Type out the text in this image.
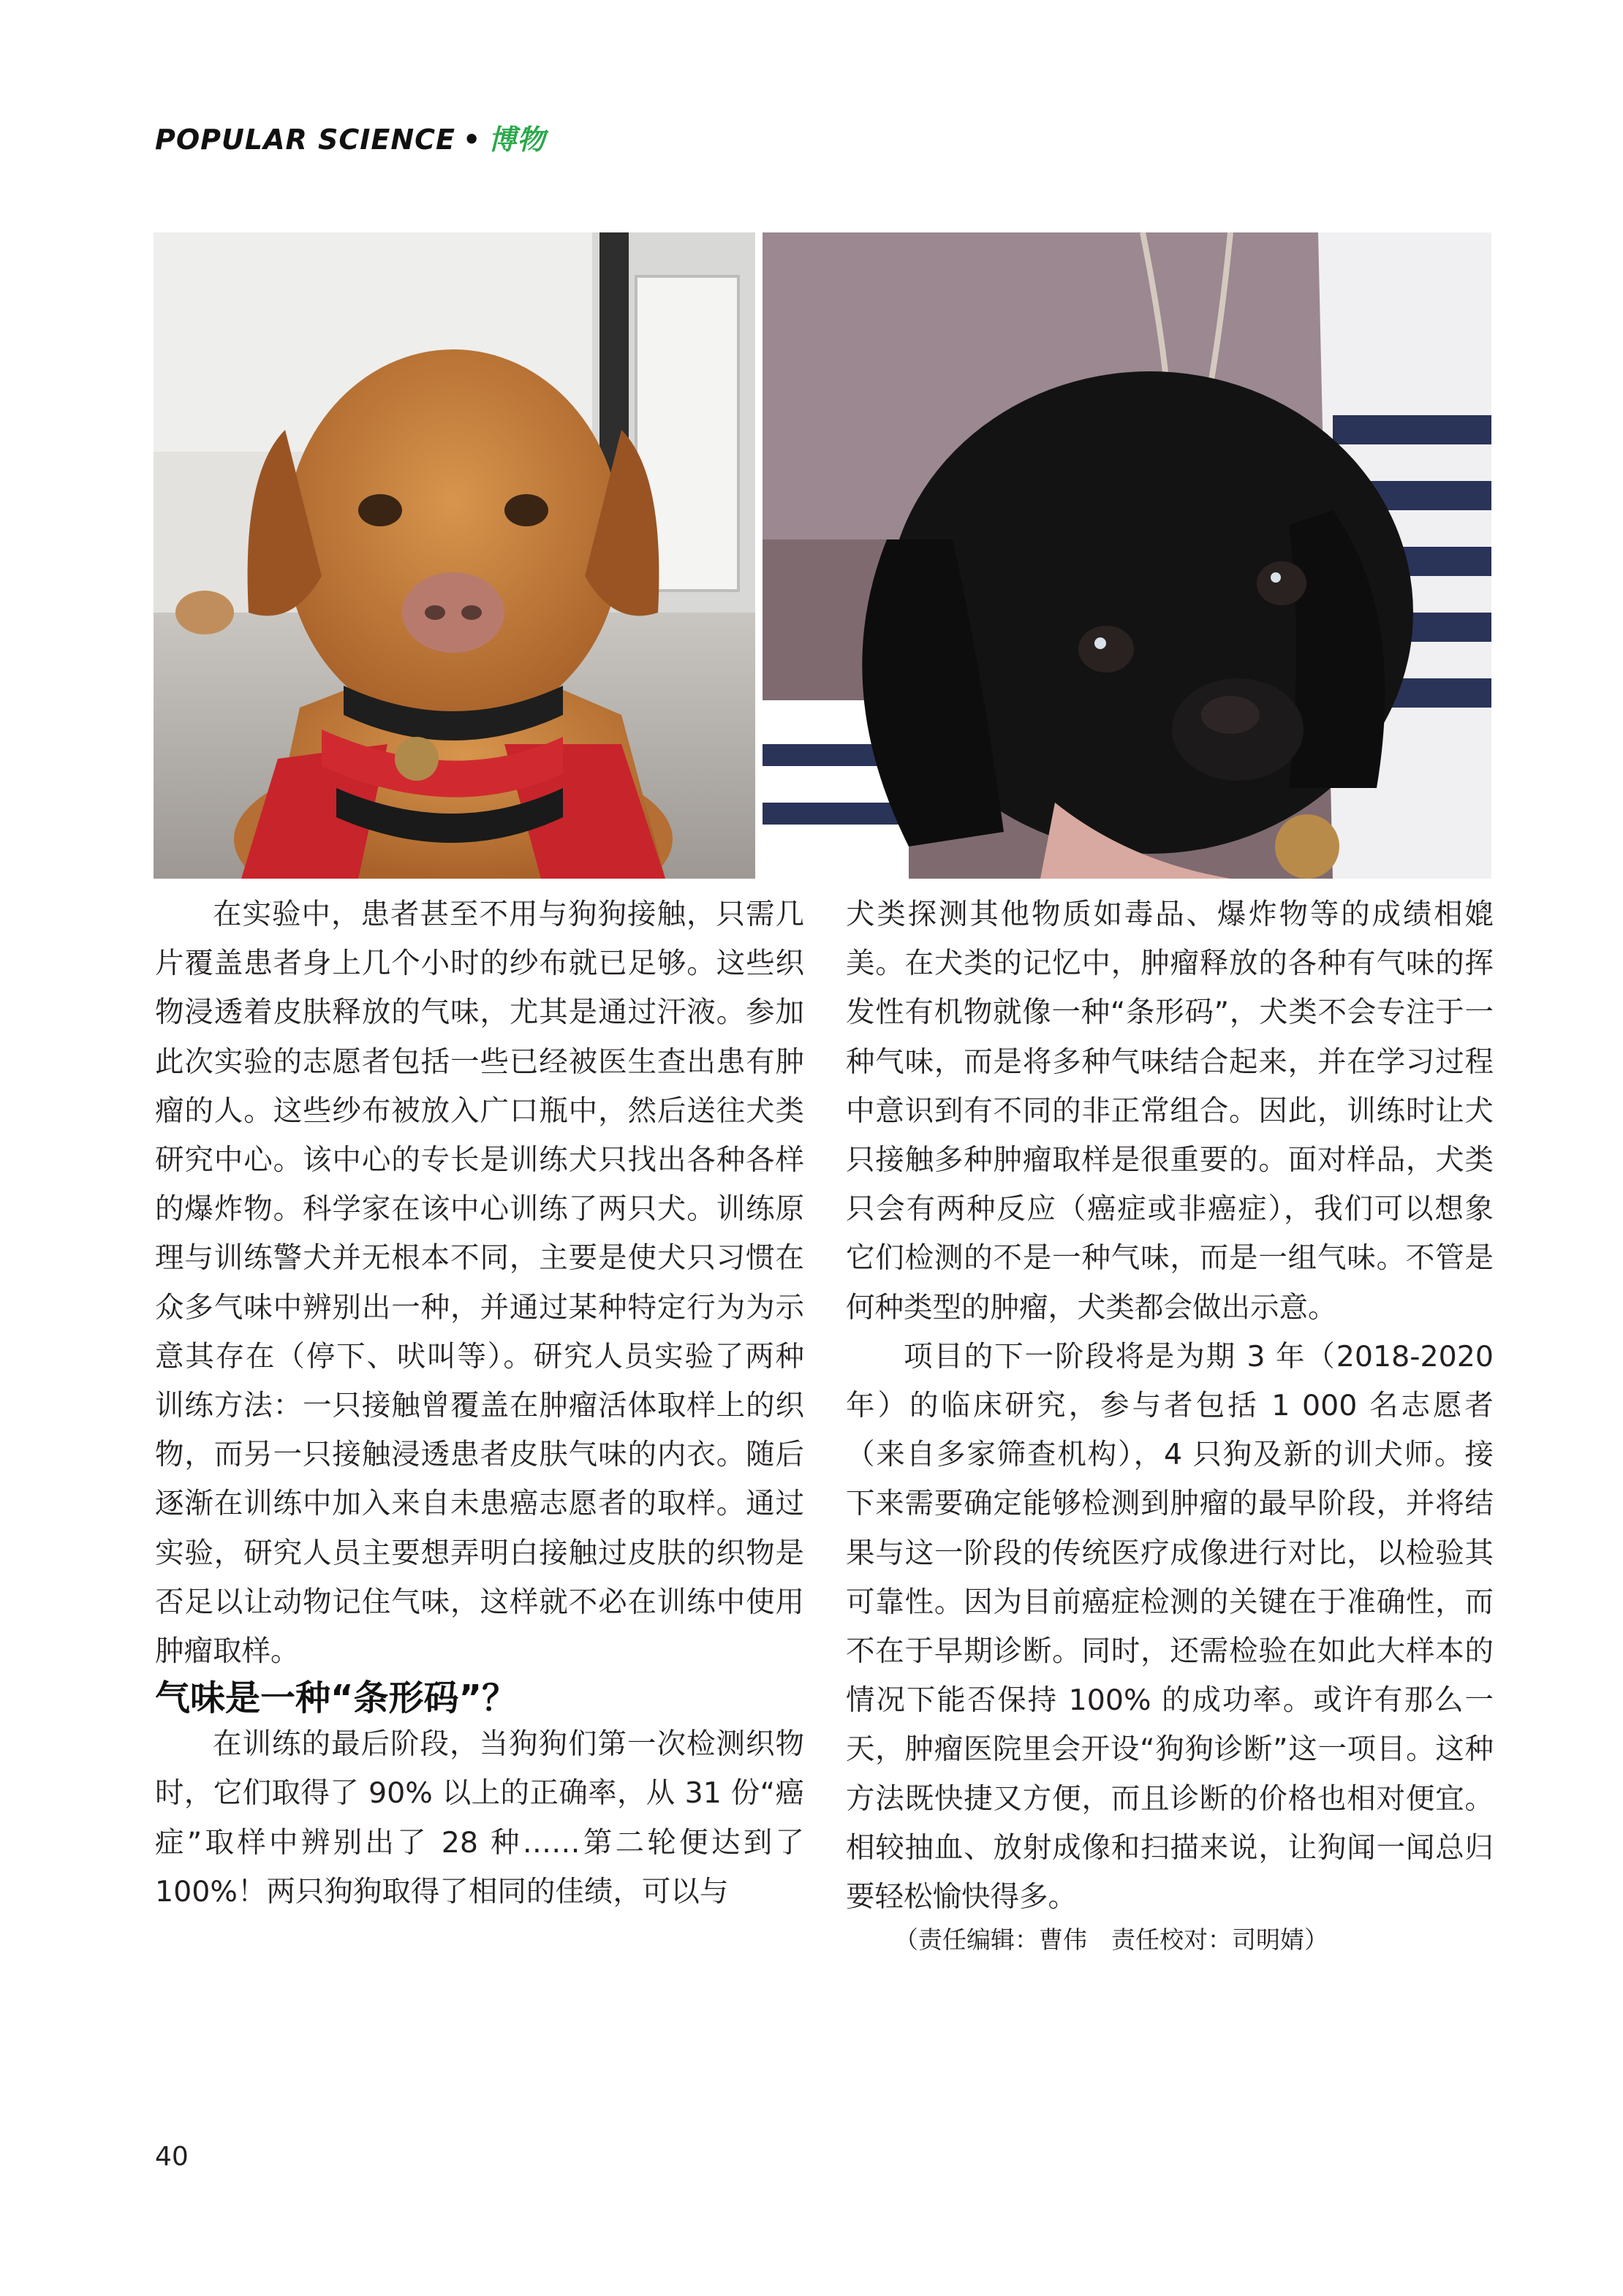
POPULAR SCIENCE • 博物

在实验中，患者甚至不用与狗狗接触，只需几片覆盖患者身上几个小时的纱布就已足够。这些织物浸透着皮肤释放的气味，尤其是通过汗液。参加此次实验的志愿者包括一些已经被医生查出患有肿瘤的人。这些纱布被放入广口瓶中，然后送往犬类研究中心。该中心的专长是训练犬只找出各种各样的爆炸物。科学家在该中心训练了两只犬。训练原理与训练警犬并无根本不同，主要是使犬只习惯在众多气味中辨别出一种，并通过某种特定行为为示意其存在（停下、吠叫等）。研究人员实验了两种训练方法：一只接触曾覆盖在肿瘤活体取样上的织物，而另一只接触浸透患者皮肤气味的内衣。随后逐渐在训练中加入来自未患癌志愿者的取样。通过实验，研究人员主要想弄明白接触过皮肤的织物是否足以让动物记住气味，这样就不必在训练中使用肿瘤取样。

气味是一种“条形码”？

在训练的最后阶段，当狗狗们第一次检测织物时，它们取得了 90% 以上的正确率，从 31 份“癌症”取样中辨别出了 28 种……第二轮便达到了 100%！两只狗狗取得了相同的佳绩，可以与

犬类探测其他物质如毒品、爆炸物等的成绩相媲美。在犬类的记忆中，肿瘤释放的各种有气味的挥发性有机物就像一种“条形码”，犬类不会专注于一种气味，而是将多种气味结合起来，并在学习过程中意识到有不同的非正常组合。因此，训练时让犬只接触多种肿瘤取样是很重要的。面对样品，犬类只会有两种反应（癌症或非癌症），我们可以想象它们检测的不是一种气味，而是一组气味。不管是何种类型的肿瘤，犬类都会做出示意。

项目的下一阶段将是为期 3 年（2018-2020年）的临床研究，参与者包括 1 000 名志愿者（来自多家筛查机构），4 只狗及新的训犬师。接下来需要确定能够检测到肿瘤的最早阶段，并将结果与这一阶段的传统医疗成像进行对比，以检验其可靠性。因为目前癌症检测的关键在于准确性，而不在于早期诊断。同时，还需检验在如此大样本的情况下能否保持 100% 的成功率。或许有那么一天，肿瘤医院里会开设“狗狗诊断”这一项目。这种方法既快捷又方便，而且诊断的价格也相对便宜。相较抽血、放射成像和扫描来说，让狗闻一闻总归要轻松愉快得多。

（责任编辑：曹伟　责任校对：司明婧）

40
